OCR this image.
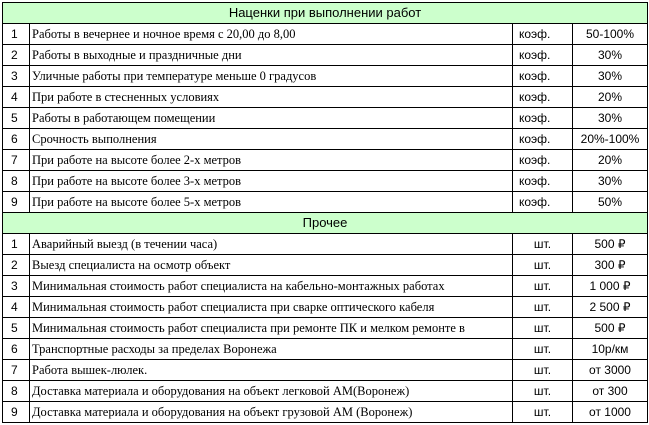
Наценки при выполнении работ			
1	Работы в вечернее и ночное время с 20,00 до 8,00	коэф.	50-100%
2	Работы в выходные и праздничные дни	коэф.	30%
3	Уличные работы при температуре меньше 0 градусов	коэф.	30%
4	При работе в стесненных условиях	коэф.	20%
5	Работы в работающем помещении	коэф.	30%
6	Срочность выполнения	коэф.	20%-100%
7	При работе на высоте более 2-х метров	коэф.	20%
8	При работе на высоте более 3-х метров	коэф.	30%
9	При работе на высоте более 5-х метров	коэф.	50%
Прочее			
1	Аварийный выезд (в течении часа)	шт.	500 ₽
2	Выезд специалиста на осмотр объект	шт.	300 ₽
3	Минимальная стоимость работ специалиста на кабельно-монтажных работах	шт.	1 000 ₽
4	Минимальная стоимость работ специалиста при сварке оптического кабеля	шт.	2 500 ₽
5	Минимальная стоимость работ специалиста при ремонте ПК и мелком ремонте в	шт.	500 ₽
6	Транспортные расходы за пределах Воронежа	шт.	10р/км
7	Работа вышек-люлек.	шт.	от 3000
8	Доставка материала и оборудования на объект легковой АМ(Воронеж)	шт.	от 300
9	Доставка материала и оборудования на объект грузовой АМ (Воронеж)	шт.	от 1000
